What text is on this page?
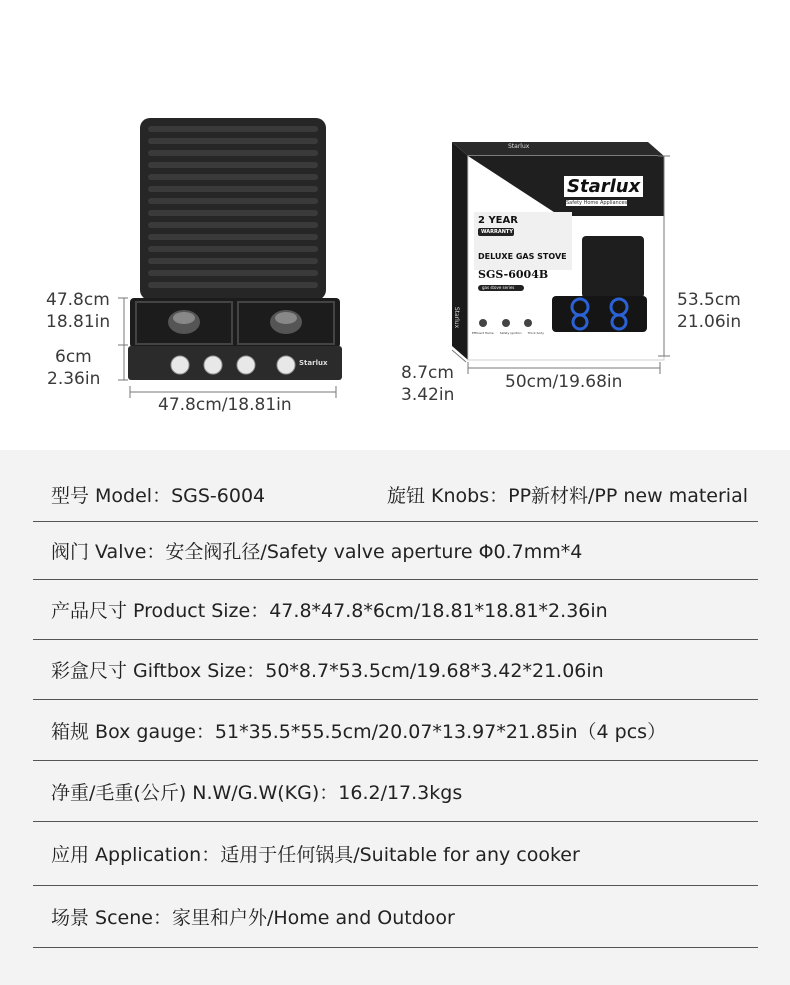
Starlux
Starlux
Safety Home Appliances
Starlux
Starlux
2 YEAR
WARRANTY
DELUXE GAS STOVE
SGS-6004B
gas stove series
Efficient flame Safety ignition Thick body
47.8cm
18.81in
6cm
2.36in
47.8cm/18.81in
8.7cm
3.42in
50cm/19.68in
53.5cm
21.06in
型号 Model：SGS-6004	旋钮 Knobs：PP新材料/PP new material
阀门 Valve：安全阀孔径/Safety valve aperture Φ0.7mm*4
产品尺寸 Product Size：47.8*47.8*6cm/18.81*18.81*2.36in
彩盒尺寸 Giftbox Size：50*8.7*53.5cm/19.68*3.42*21.06in
箱规 Box gauge：51*35.5*55.5cm/20.07*13.97*21.85in（4 pcs）
净重/毛重(公斤) N.W/G.W(KG)：16.2/17.3kgs
应用 Application：适用于任何锅具/Suitable for any cooker
场景 Scene：家里和户外/Home and Outdoor
